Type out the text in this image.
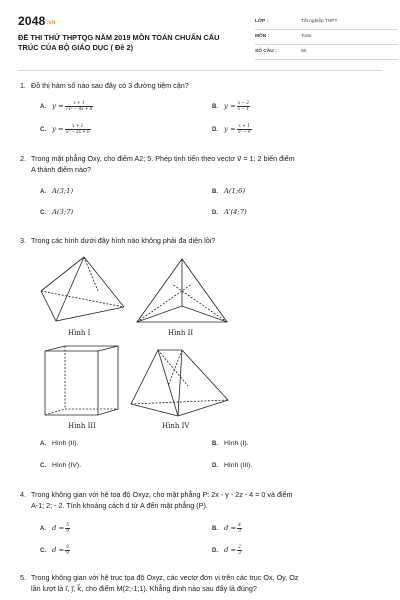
2048.vn
ĐỀ THI THỬ THPTQG NĂM 2019 MÔN TOÁN CHUẨN CẤU
TRÚC CỦA BỘ GIÁO DỤC ( Đề 2)
LỚP :	Tốt nghiệp THPT
MÔN :	Toán
SỐ CÂU :	50
1. Đồ thị hàm số nào sau đây có 3 đường tiệm cận?
A. $y = \frac{x + 1}{\text{√x² − 4x + 8}}$	B. $y = \frac{x - 2}{x - 1}$
C. $y = \frac{x + 1}{\text{x² − 3x + 6}}$	D. $y = \frac{x + 1}{\text{x² − 9}}$
2. Trong mặt phẳng Oxy, cho điểm A2; 5. Phép tịnh tiến theo vectơ v⃗ = 1; 2 biến điểm
A thành điểm nào?
A. A(3;1)	B. A(1;6)
C. A(3;7)	D. A′(4;7)
3. Trong các hình dưới đây hình nào không phải đa diện lồi?
Hình I	Hình II
Hình III	Hình IV
A. Hình (II).	B. Hình (I).
C. Hình (IV).	D. Hình (III).
4. Trong không gian với hệ toạ độ Oxyz, cho mặt phẳng P: 2x - y - 2z - 4 = 0 và điểm
A-1; 2; - 2. Tính khoảng cách d từ A đến mặt phẳng (P).
A. $d = \frac{5}{9}$	B. $d = \frac{4}{3}$
C. $d = \frac{8}{9}$	D. $d = \frac{2}{3}$
5. Trong không gian với hệ trục tọa độ Oxyz, các vectơ đơn vị trên các trục Ox, Oy, Oz
lần lượt là i⃗, j⃗, k⃗, cho điểm M(2;-1;1). Khẳng định nào sau đây là đúng?
